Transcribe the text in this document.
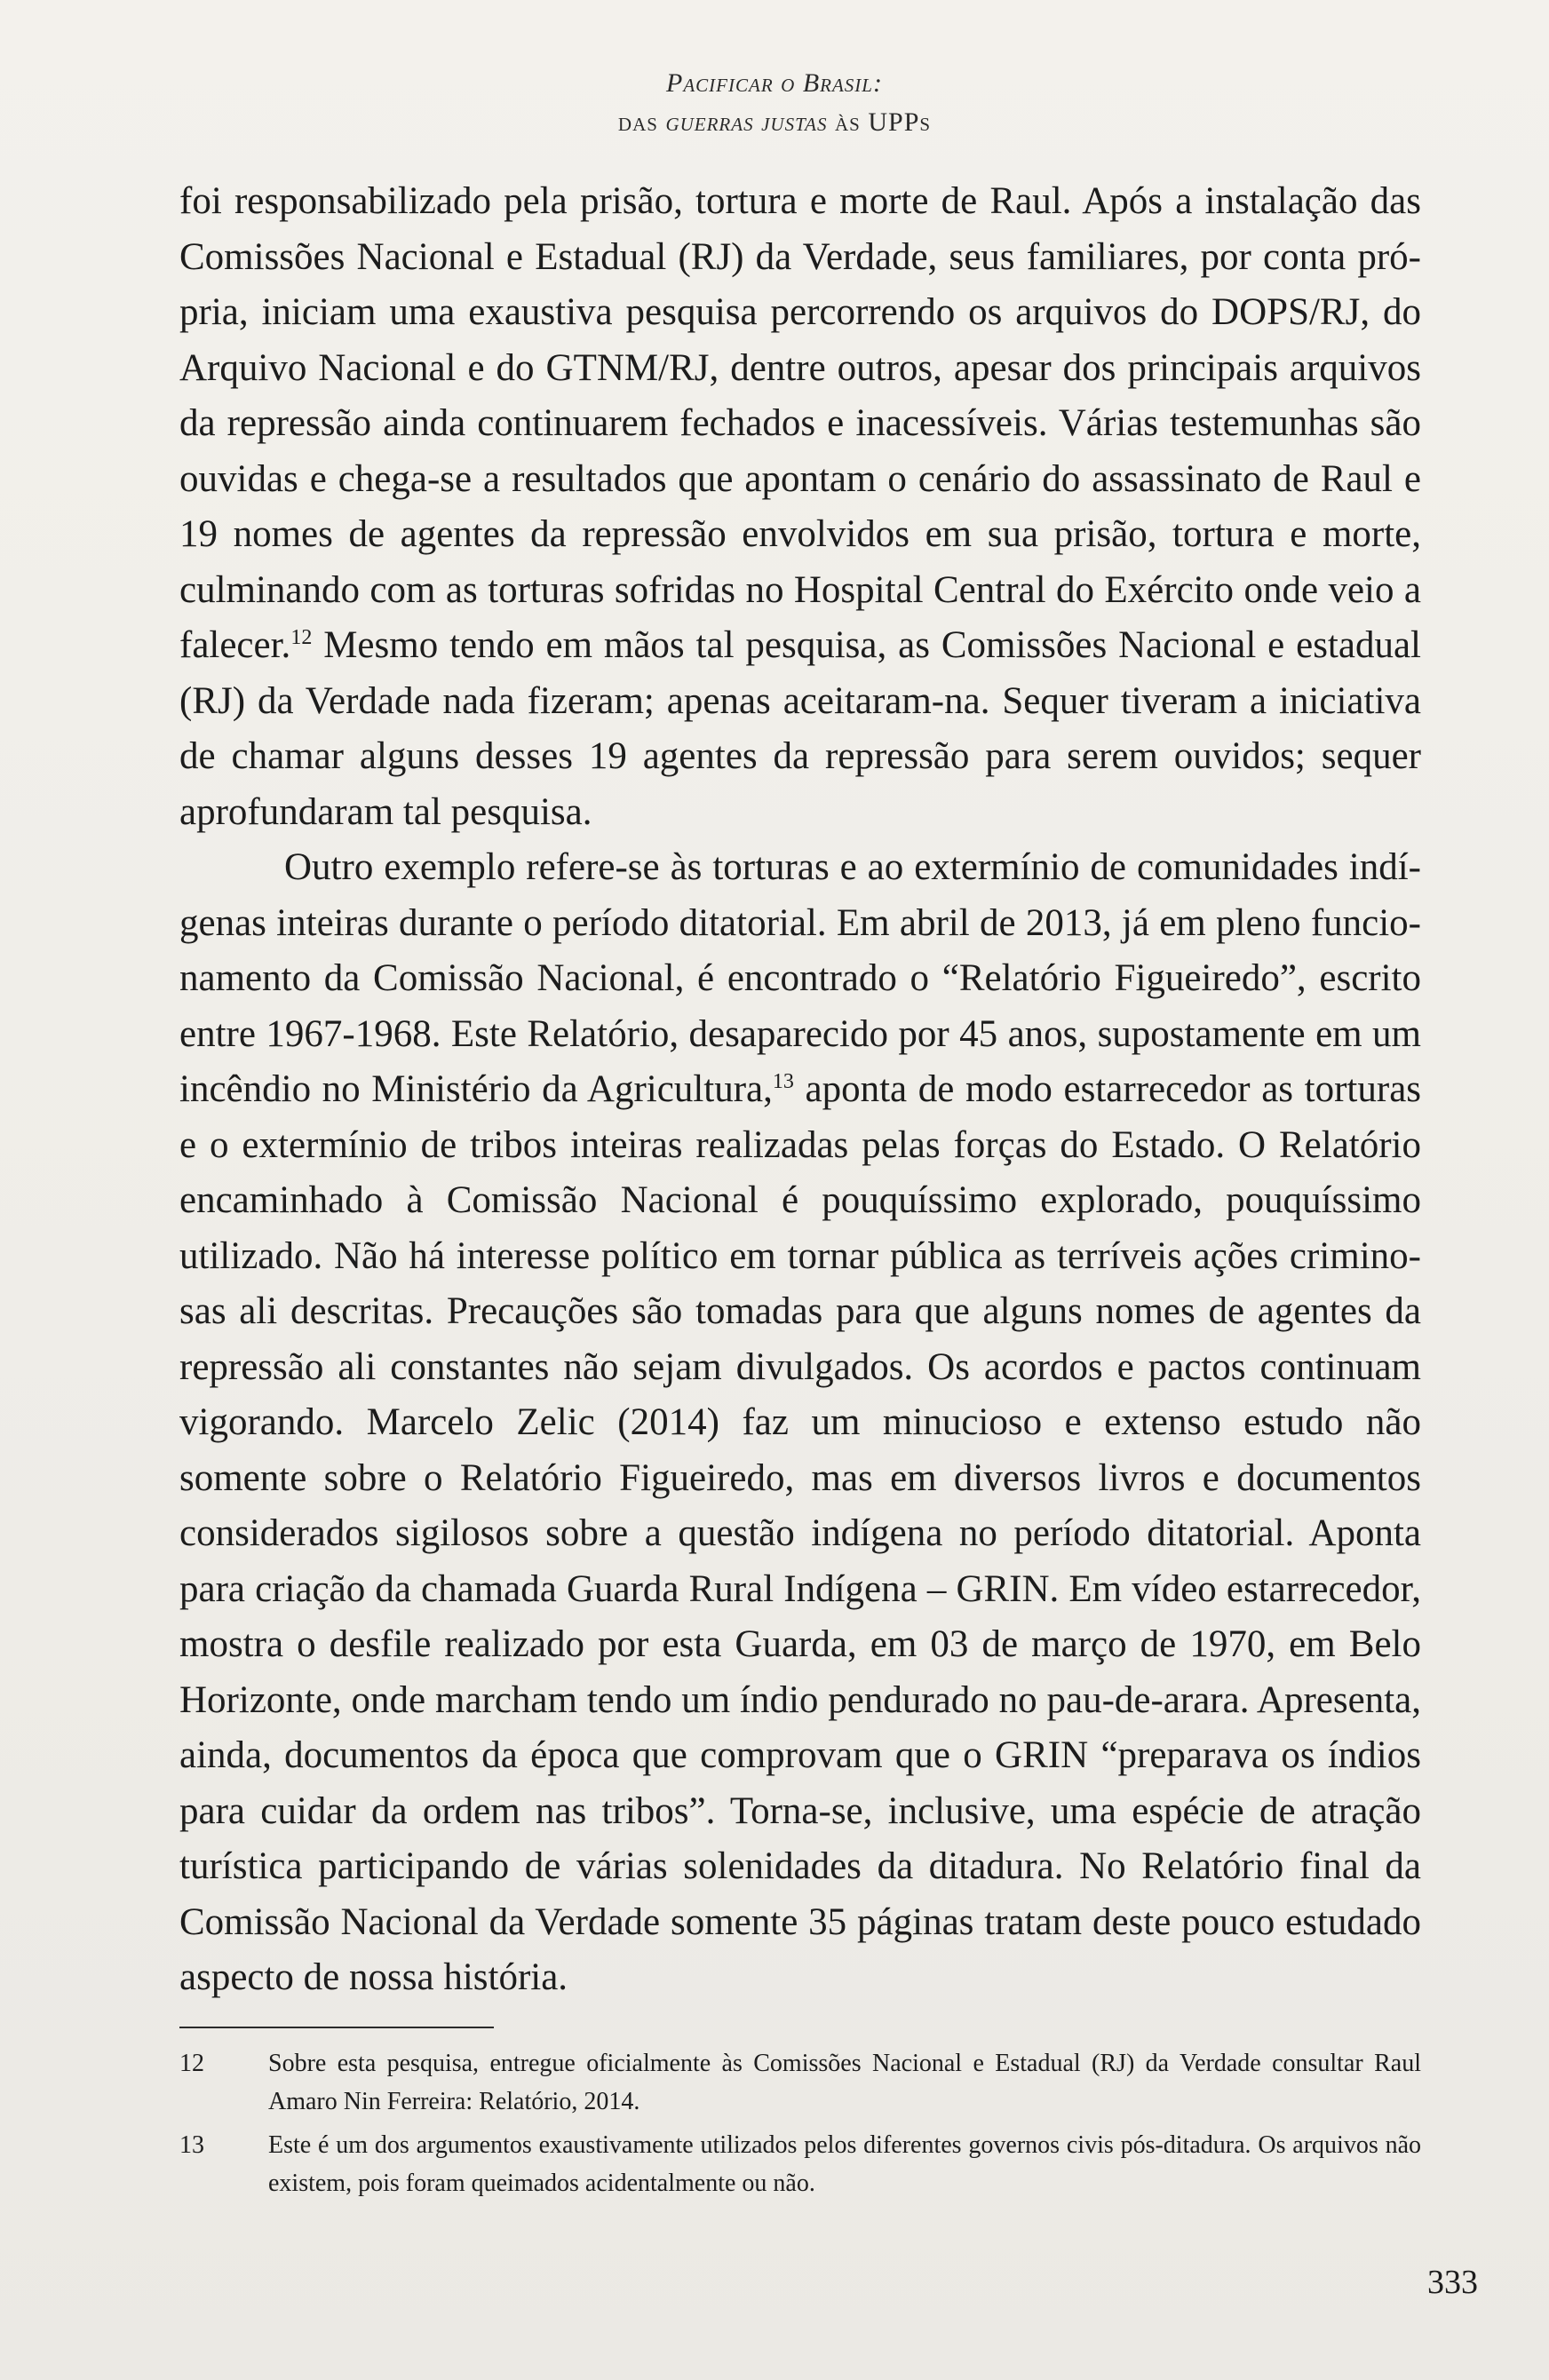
Pacificar o Brasil:
das guerras justas às UPPs

foi responsabilizado pela prisão, tortura e morte de Raul. Após a instalação das Comissões Nacional e Estadual (RJ) da Verdade, seus familiares, por conta própria, iniciam uma exaustiva pesquisa percorrendo os arquivos do DOPS/RJ, do Arquivo Nacional e do GTNM/RJ, dentre outros, apesar dos principais arquivos da repressão ainda continuarem fechados e inacessíveis. Várias testemunhas são ouvidas e chega-se a resultados que apontam o cenário do assassinato de Raul e 19 nomes de agentes da repressão envolvidos em sua prisão, tortura e morte, culminando com as torturas sofridas no Hospital Central do Exército onde veio a falecer.$^{12}$ Mesmo tendo em mãos tal pesquisa, as Comissões Nacional e estadual (RJ) da Verdade nada fizeram; apenas aceitaram-na. Sequer tiveram a iniciativa de chamar alguns desses 19 agentes da repressão para serem ouvidos; sequer aprofundaram tal pesquisa.

Outro exemplo refere-se às torturas e ao extermínio de comunidades indígenas inteiras durante o período ditatorial. Em abril de 2013, já em pleno funcionamento da Comissão Nacional, é encontrado o “Relatório Figueiredo”, escrito entre 1967-1968. Este Relatório, desaparecido por 45 anos, supostamente em um incêndio no Ministério da Agricultura,$^{13}$ aponta de modo estarrecedor as torturas e o extermínio de tribos inteiras realizadas pelas forças do Estado. O Relatório encaminhado à Comissão Nacional é pouquíssimo explorado, pouquíssimo utilizado. Não há interesse político em tornar pública as terríveis ações criminosas ali descritas. Precauções são tomadas para que alguns nomes de agentes da repressão ali constantes não sejam divulgados. Os acordos e pactos continuam vigorando. Marcelo Zelic (2014) faz um minucioso e extenso estudo não somente sobre o Relatório Figueiredo, mas em diversos livros e documentos considerados sigilosos sobre a questão indígena no período ditatorial. Aponta para criação da chamada Guarda Rural Indígena – GRIN. Em vídeo estarrecedor, mostra o desfile realizado por esta Guarda, em 03 de março de 1970, em Belo Horizonte, onde marcham tendo um índio pendurado no pau-de-arara. Apresenta, ainda, documentos da época que comprovam que o GRIN “preparava os índios para cuidar da ordem nas tribos”. Torna-se, inclusive, uma espécie de atração turística participando de várias solenidades da ditadura. No Relatório final da Comissão Nacional da Verdade somente 35 páginas tratam deste pouco estudado aspecto de nossa história.

12	Sobre esta pesquisa, entregue oficialmente às Comissões Nacional e Estadual (RJ) da Verdade consultar Raul Amaro Nin Ferreira: Relatório, 2014.
13	Este é um dos argumentos exaustivamente utilizados pelos diferentes governos civis pós-ditadura. Os arquivos não existem, pois foram queimados acidentalmente ou não.
333
